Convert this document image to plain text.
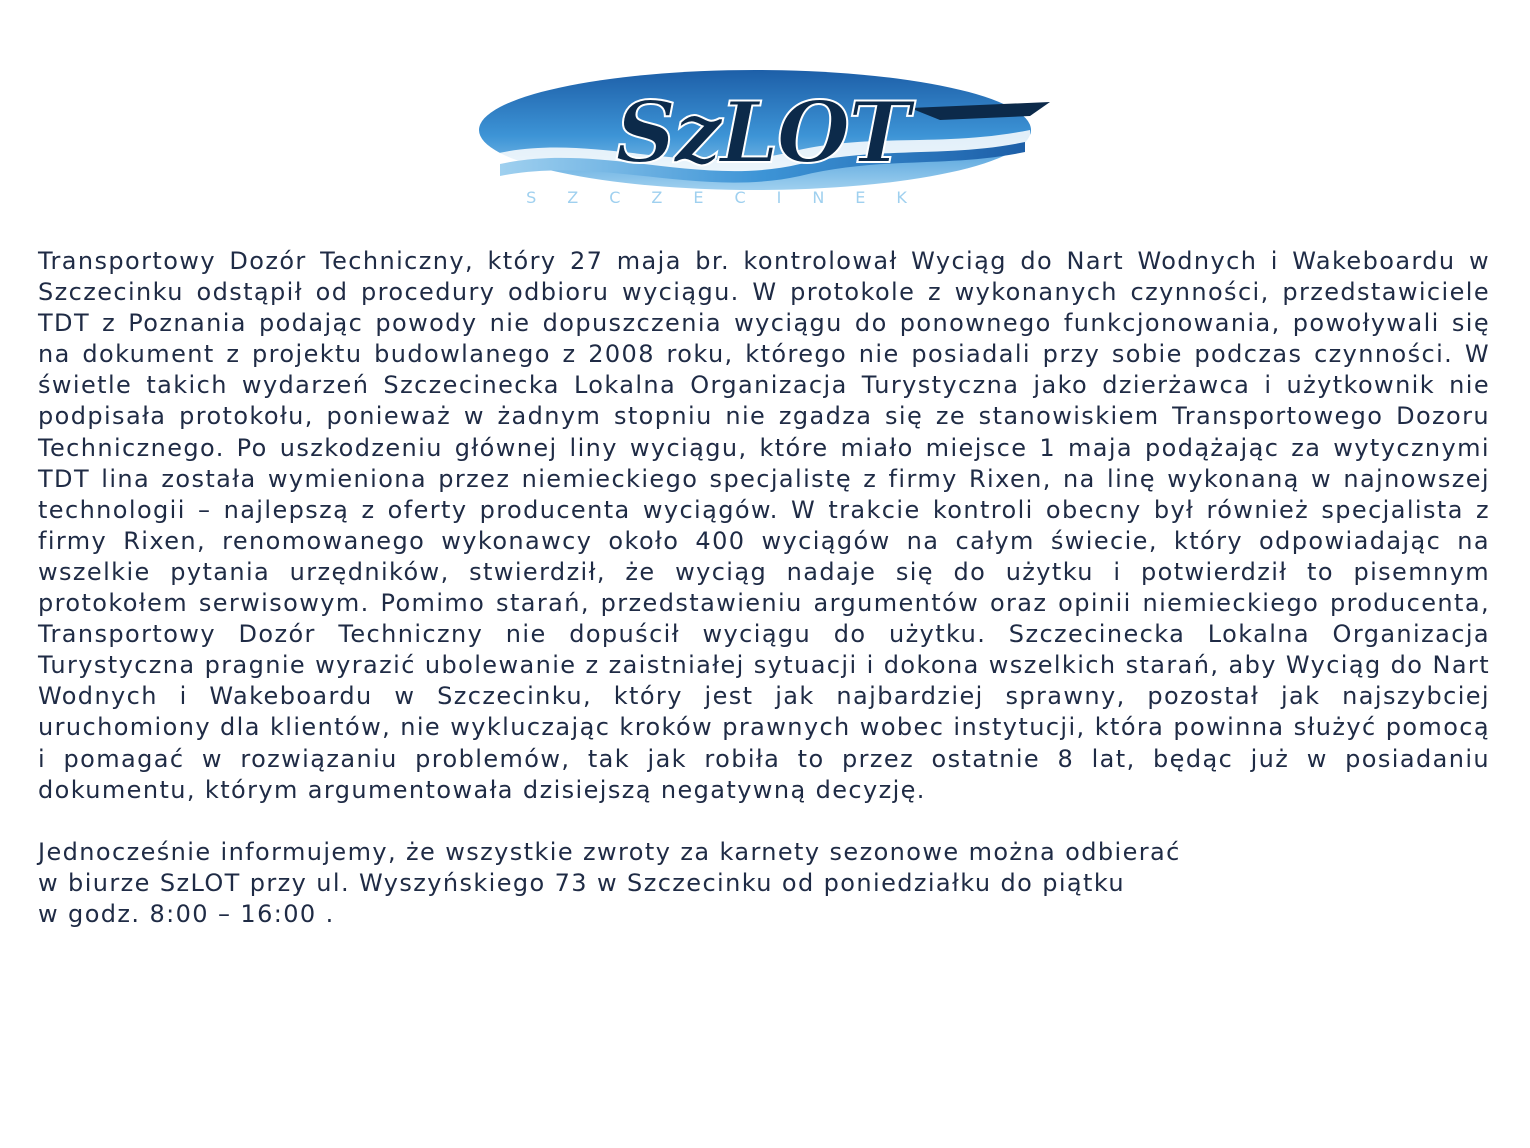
SzLOT
SZCZECINEK

Transportowy Dozór Techniczny, który 27 maja br. kontrolował Wyciąg do Nart Wodnych i Wakeboardu w Szczecinku odstąpił od procedury odbioru wyciągu. W protokole z wykonanych czynności, przedstawiciele TDT z Poznania podając powody nie dopuszczenia wyciągu do ponownego funkcjonowania, powoływali się na dokument z projektu budowlanego z 2008 roku, którego nie posiadali przy sobie podczas czynności. W świetle takich wydarzeń Szczecinecka Lokalna Organizacja Turystyczna jako dzierżawca i użytkownik nie podpisała protokołu, ponieważ w żadnym stopniu nie zgadza się ze stanowiskiem Transportowego Dozoru Technicznego. Po uszkodzeniu głównej liny wyciągu, które miało miejsce 1 maja podążając za wytycznymi TDT lina została wymieniona przez niemieckiego specjalistę z firmy Rixen, na linę wykonaną w najnowszej technologii – najlepszą z oferty producenta wyciągów. W trakcie kontroli obecny był również specjalista z firmy Rixen, renomowanego wykonawcy około 400 wyciągów na całym świecie, który odpowiadając na wszelkie pytania urzędników, stwierdził, że wyciąg nadaje się do użytku i potwierdził to pisemnym protokołem serwisowym. Pomimo starań, przedstawieniu argumentów oraz opinii niemieckiego producenta, Transportowy Dozór Techniczny nie dopuścił wyciągu do użytku. Szczecinecka Lokalna Organizacja Turystyczna pragnie wyrazić ubolewanie z zaistniałej sytuacji i dokona wszelkich starań, aby Wyciąg do Nart Wodnych i Wakeboardu w Szczecinku, który jest jak najbardziej sprawny, pozostał jak najszybciej uruchomiony dla klientów, nie wykluczając kroków prawnych wobec instytucji, która powinna służyć pomocą i pomagać w rozwiązaniu problemów, tak jak robiła to przez ostatnie 8 lat, będąc już w posiadaniu dokumentu, którym argumentowała dzisiejszą negatywną decyzję.

Jednocześnie informujemy, że wszystkie zwroty za karnety sezonowe można odbierać
w biurze SzLOT przy ul. Wyszyńskiego 73 w Szczecinku od poniedziałku do piątku
w godz. 8:00 – 16:00 .
